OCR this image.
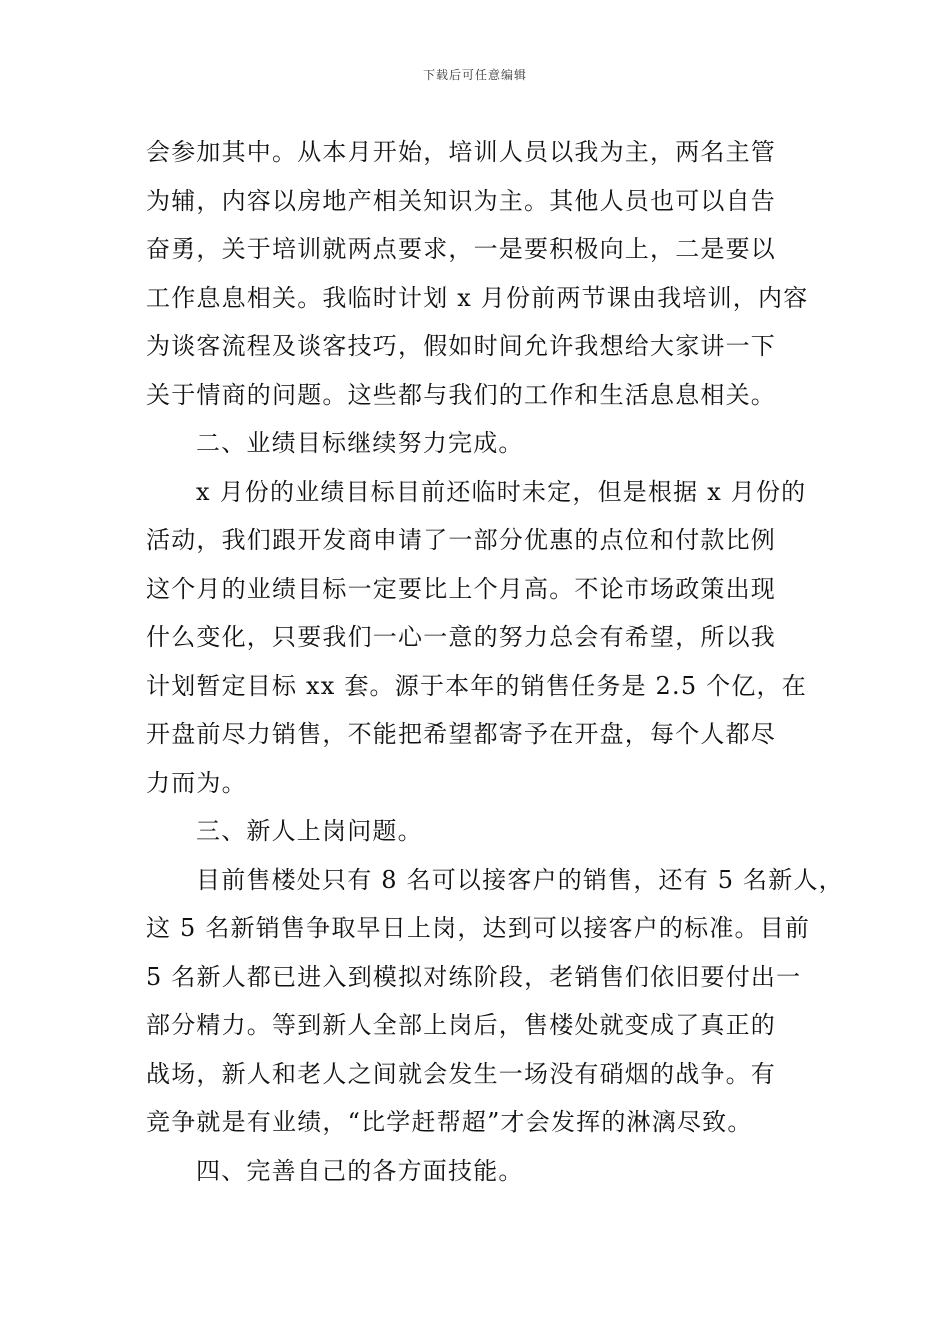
下载后可任意编辑
会参加其中。从本月开始，培训人员以我为主，两名主管
为辅，内容以房地产相关知识为主。其他人员也可以自告
奋勇，关于培训就两点要求，一是要积极向上，二是要以
工作息息相关。我临时计划 x 月份前两节课由我培训，内容
为谈客流程及谈客技巧，假如时间允许我想给大家讲一下
关于情商的问题。这些都与我们的工作和生活息息相关。
二、业绩目标继续努力完成。
x 月份的业绩目标目前还临时未定，但是根据 x 月份的
活动，我们跟开发商申请了一部分优惠的点位和付款比例
这个月的业绩目标一定要比上个月高。不论市场政策出现
什么变化，只要我们一心一意的努力总会有希望，所以我
计划暂定目标 xx 套。源于本年的销售任务是 2.5 个亿，在
开盘前尽力销售，不能把希望都寄予在开盘，每个人都尽
力而为。
三、新人上岗问题。
目前售楼处只有 8 名可以接客户的销售，还有 5 名新人，
这 5 名新销售争取早日上岗，达到可以接客户的标准。目前
5 名新人都已进入到模拟对练阶段，老销售们依旧要付出一
部分精力。等到新人全部上岗后，售楼处就变成了真正的
战场，新人和老人之间就会发生一场没有硝烟的战争。有
竞争就是有业绩，“比学赶帮超”才会发挥的淋漓尽致。
四、完善自己的各方面技能。
